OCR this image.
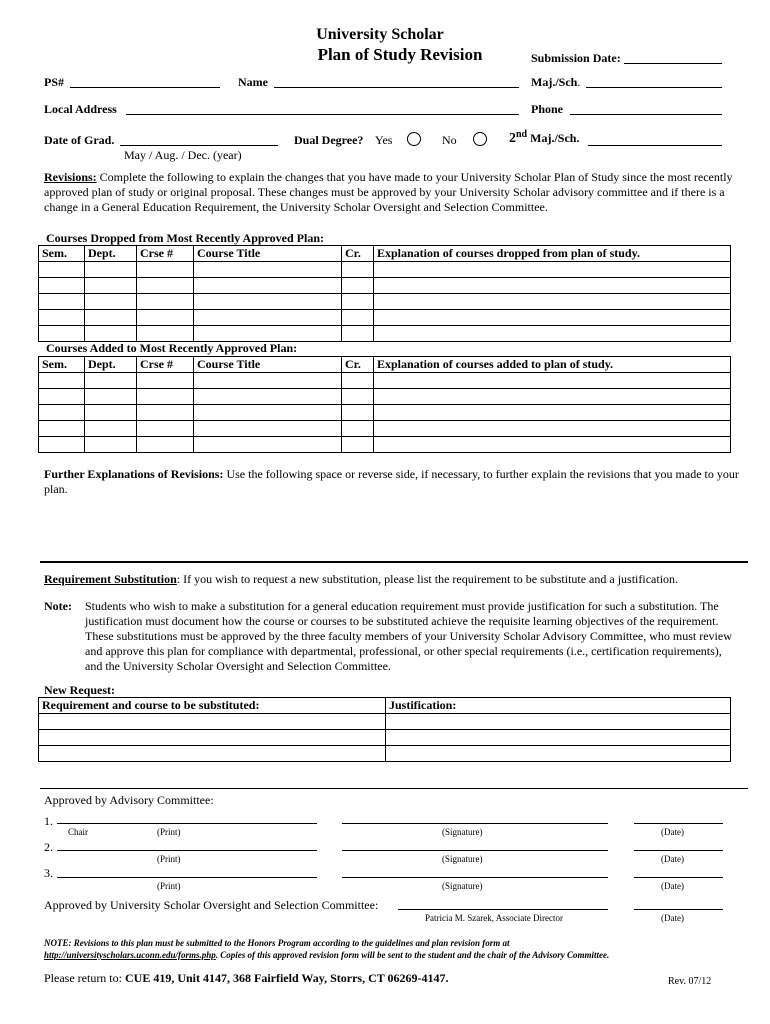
University Scholar
Plan of Study Revision	Submission Date:
PS#	Name	Maj./Sch.
Local Address	Phone
Date of Grad.
May / Aug. / Dec. (year)
Dual Degree? Yes	No	2nd Maj./Sch.
Revisions: Complete the following to explain the changes that you have made to your University Scholar Plan of Study since the most recently approved plan of study or original proposal. These changes must be approved by your University Scholar advisory committee and if there is a change in a General Education Requirement, the University Scholar Oversight and Selection Committee.
Courses Dropped from Most Recently Approved Plan:
Sem.	Dept.	Crse #	Course Title	Cr.	Explanation of courses dropped from plan of study.

Courses Added to Most Recently Approved Plan:
Sem.	Dept.	Crse #	Course Title	Cr.	Explanation of courses added to plan of study.

Further Explanations of Revisions: Use the following space or reverse side, if necessary, to further explain the revisions that you made to your plan.
Requirement Substitution: If you wish to request a new substitution, please list the requirement to be substitute and a justification.
Note: Students who wish to make a substitution for a general education requirement must provide justification for such a substitution. The justification must document how the course or courses to be substituted achieve the requisite learning objectives of the requirement. These substitutions must be approved by the three faculty members of your University Scholar Advisory Committee, who must review and approve this plan for compliance with departmental, professional, or other special requirements (i.e., certification requirements), and the University Scholar Oversight and Selection Committee.
New Request:
Requirement and course to be substituted:	Justification:

Approved by Advisory Committee:
1.
Chair	(Print)	(Signature)	(Date)
2.
(Print)	(Signature)	(Date)
3.
(Print)	(Signature)	(Date)
Approved by University Scholar Oversight and Selection Committee:
Patricia M. Szarek, Associate Director	(Date)
NOTE: Revisions to this plan must be submitted to the Honors Program according to the guidelines and plan revision form at
http://universityscholars.uconn.edu/forms.php. Copies of this approved revision form will be sent to the student and the chair of the Advisory Committee.
Please return to: CUE 419, Unit 4147, 368 Fairfield Way, Storrs, CT 06269-4147.	Rev. 07/12
